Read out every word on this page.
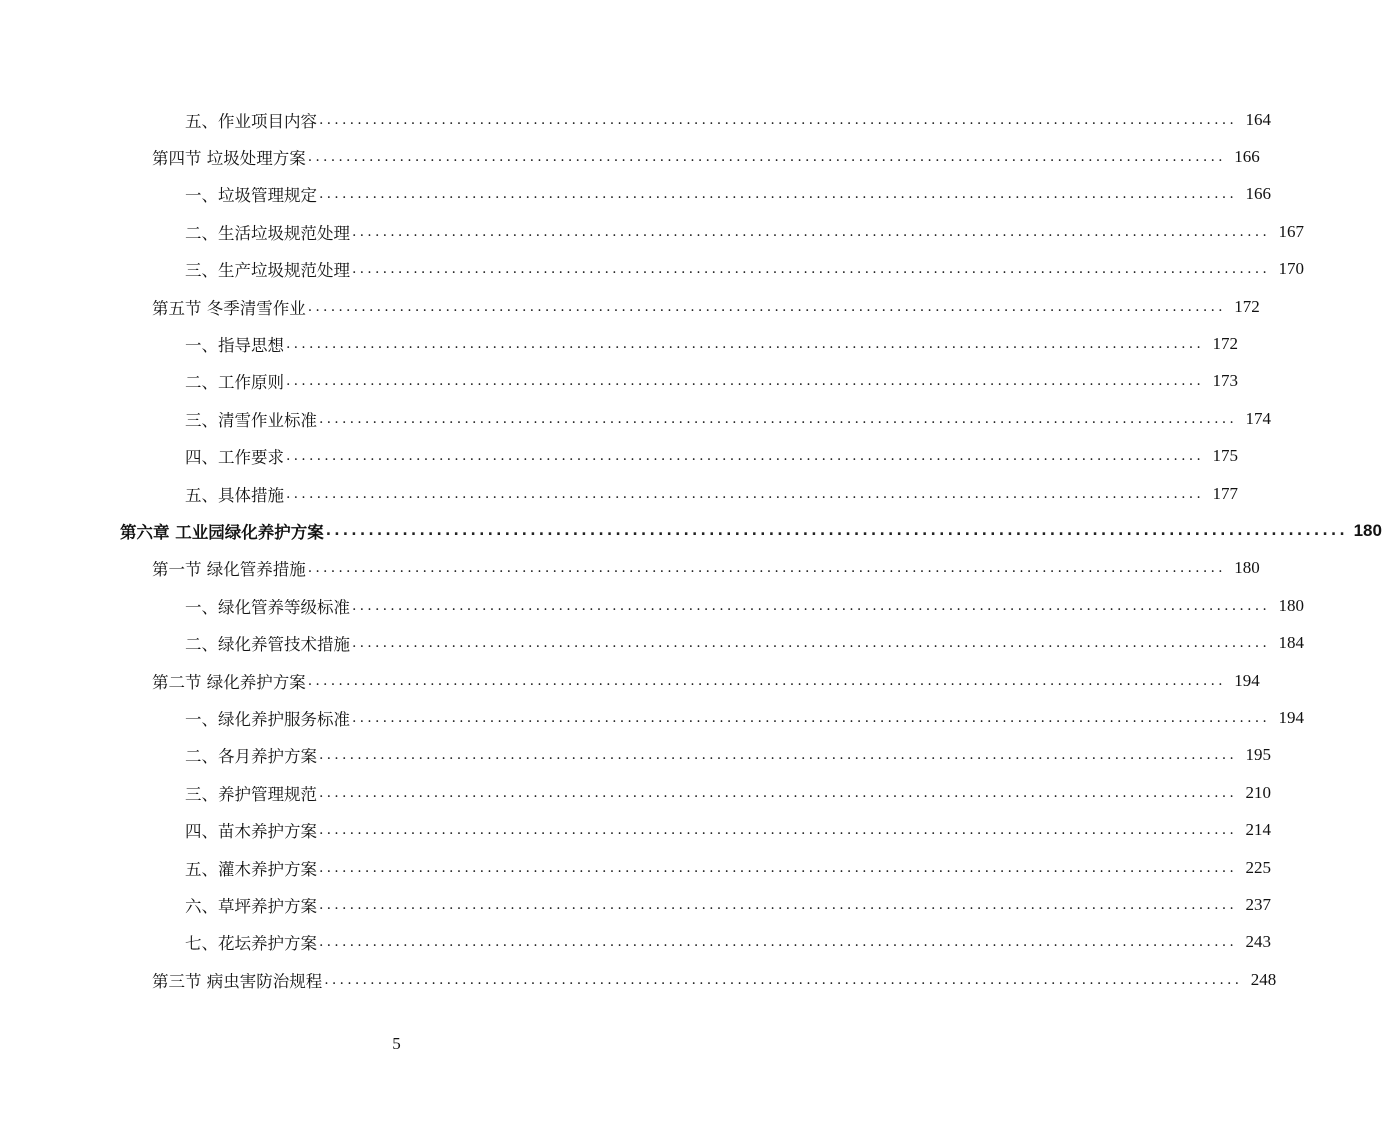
五、作业项目内容 ........................................................................................................................ 164
第四节 垃圾处理方案 ........................................................................................................................ 166
一、垃圾管理规定 ........................................................................................................................ 166
二、生活垃圾规范处理 ........................................................................................................................ 167
三、生产垃圾规范处理 ........................................................................................................................ 170
第五节 冬季清雪作业 ........................................................................................................................ 172
一、指导思想 ........................................................................................................................ 172
二、工作原则 ........................................................................................................................ 173
三、清雪作业标准 ........................................................................................................................ 174
四、工作要求 ........................................................................................................................ 175
五、具体措施 ........................................................................................................................ 177
第六章 工业园绿化养护方案 ........................................................................................................................ 180
第一节 绿化管养措施 ........................................................................................................................ 180
一、绿化管养等级标准 ........................................................................................................................ 180
二、绿化养管技术措施 ........................................................................................................................ 184
第二节 绿化养护方案 ........................................................................................................................ 194
一、绿化养护服务标准 ........................................................................................................................ 194
二、各月养护方案 ........................................................................................................................ 195
三、养护管理规范 ........................................................................................................................ 210
四、苗木养护方案 ........................................................................................................................ 214
五、灌木养护方案 ........................................................................................................................ 225
六、草坪养护方案 ........................................................................................................................ 237
七、花坛养护方案 ........................................................................................................................ 243
第三节 病虫害防治规程 ........................................................................................................................ 248
5
